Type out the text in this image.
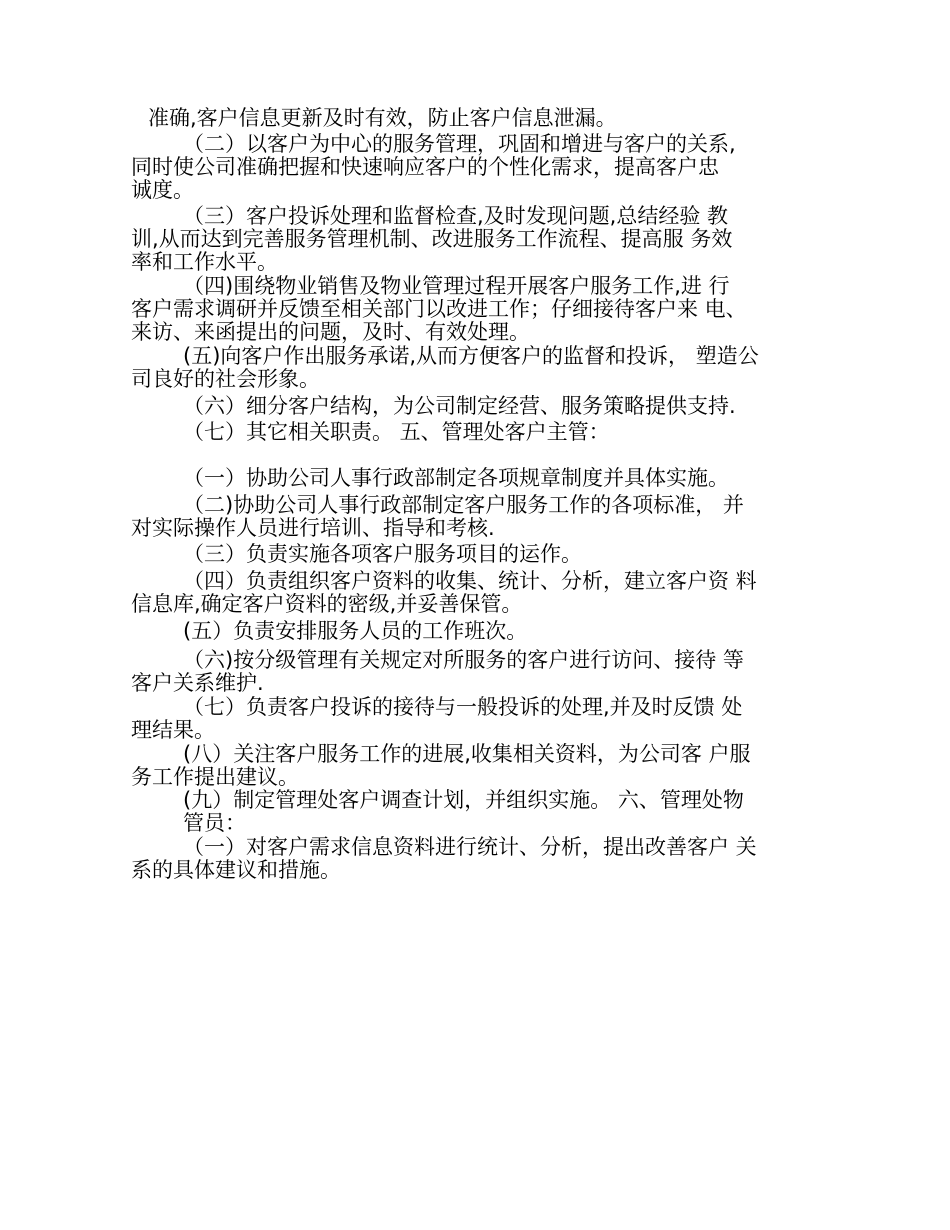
准确,客户信息更新及时有效，防止客户信息泄漏。
（二）以客户为中心的服务管理，巩固和增进与客户的关系,
同时使公司准确把握和快速响应客户的个性化需求，提高客户忠
诚度。
（三）客户投诉处理和监督检查,及时发现问题,总结经验 教
训,从而达到完善服务管理机制、改进服务工作流程、提高服 务效
率和工作水平。
（四)围绕物业销售及物业管理过程开展客户服务工作,进 行
客户需求调研并反馈至相关部门以改进工作；仔细接待客户来 电、
来访、来函提出的问题，及时、有效处理。
(五)向客户作出服务承诺,从而方便客户的监督和投诉， 塑造公
司良好的社会形象。
（六）细分客户结构，为公司制定经营、服务策略提供支持.
（七）其它相关职责。 五、管理处客户主管：
（一）协助公司人事行政部制定各项规章制度并具体实施。
（二)协助公司人事行政部制定客户服务工作的各项标准， 并
对实际操作人员进行培训、指导和考核.
（三）负责实施各项客户服务项目的运作。
（四）负责组织客户资料的收集、统计、分析，建立客户资 料
信息库,确定客户资料的密级,并妥善保管。
(五）负责安排服务人员的工作班次。
（六)按分级管理有关规定对所服务的客户进行访问、接待 等
客户关系维护.
（七）负责客户投诉的接待与一般投诉的处理,并及时反馈 处
理结果。
(八）关注客户服务工作的进展,收集相关资料，为公司客 户服
务工作提出建议。
(九）制定管理处客户调查计划，并组织实施。 六、管理处物
管员：
（一）对客户需求信息资料进行统计、分析，提出改善客户 关
系的具体建议和措施。
